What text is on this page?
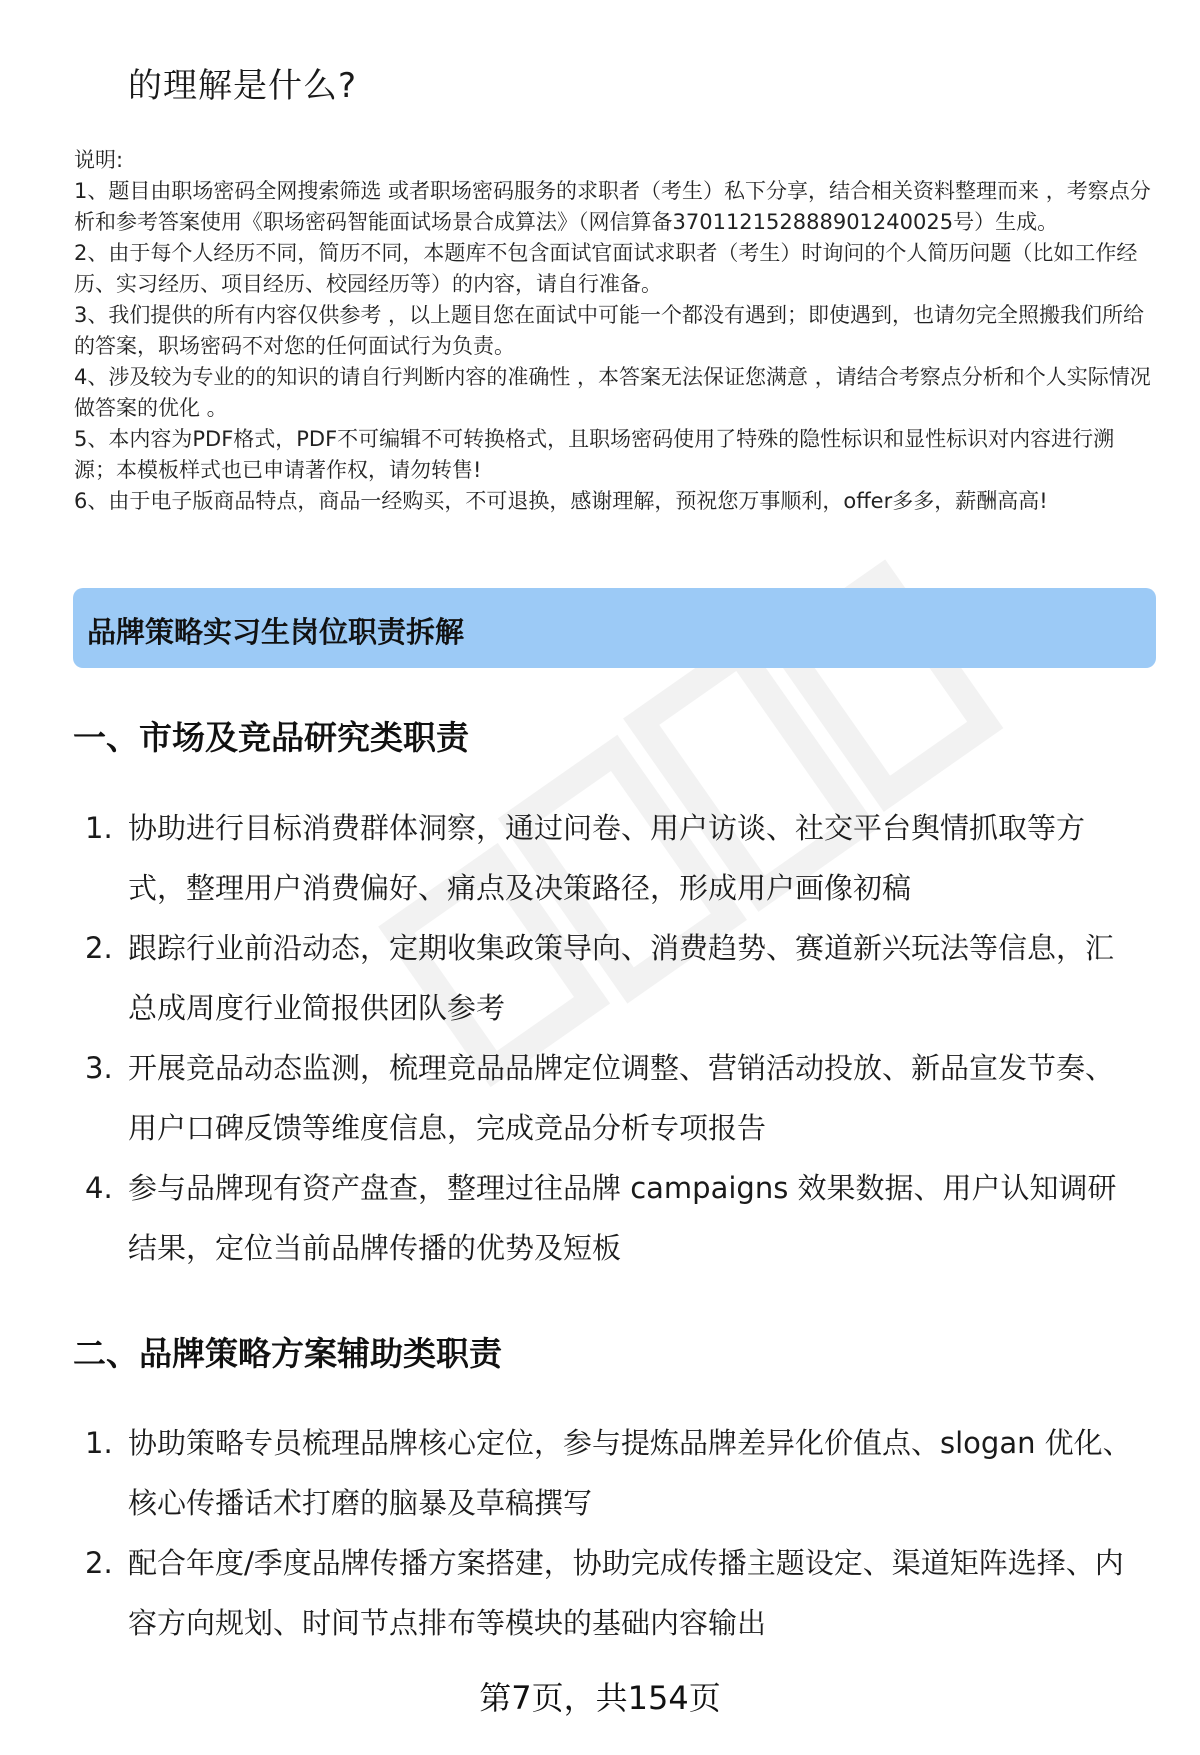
的理解是什么?

说明:

1、题目由职场密码全网搜索筛选 或者职场密码服务的求职者（考生）私下分享，结合相关资料整理而来 ，考察点分析和参考答案使用《职场密码智能面试场景合成算法》（网信算备370112152888901240025号）生成。

2、由于每个人经历不同，简历不同，本题库不包含面试官面试求职者（考生）时询问的个人简历问题（比如工作经历、实习经历、项目经历、校园经历等）的内容，请自行准备。

3、我们提供的所有内容仅供参考 ，以上题目您在面试中可能一个都没有遇到；即使遇到，也请勿完全照搬我们所给的答案，职场密码不对您的任何面试行为负责。

4、涉及较为专业的的知识的请自行判断内容的准确性 ，本答案无法保证您满意 ，请结合考察点分析和个人实际情况做答案的优化 。

5、本内容为PDF格式，PDF不可编辑不可转换格式，且职场密码使用了特殊的隐性标识和显性标识对内容进行溯源；本模板样式也已申请著作权，请勿转售!

6、由于电子版商品特点，商品一经购买，不可退换，感谢理解，预祝您万事顺利，offer多多，薪酬高高!

品牌策略实习生岗位职责拆解
一、市场及竞品研究类职责
1. 协助进行目标消费群体洞察，通过问卷、用户访谈、社交平台舆情抓取等方
式，整理用户消费偏好、痛点及决策路径，形成用户画像初稿
2. 跟踪行业前沿动态，定期收集政策导向、消费趋势、赛道新兴玩法等信息，汇
总成周度行业简报供团队参考
3. 开展竞品动态监测，梳理竞品品牌定位调整、营销活动投放、新品宣发节奏、
用户口碑反馈等维度信息，完成竞品分析专项报告
4. 参与品牌现有资产盘查，整理过往品牌 campaigns 效果数据、用户认知调研
结果，定位当前品牌传播的优势及短板
二、品牌策略方案辅助类职责
1. 协助策略专员梳理品牌核心定位，参与提炼品牌差异化价值点、slogan 优化、
核心传播话术打磨的脑暴及草稿撰写
2. 配合年度/季度品牌传播方案搭建，协助完成传播主题设定、渠道矩阵选择、内
容方向规划、时间节点排布等模块的基础内容输出
第7页，共154页
